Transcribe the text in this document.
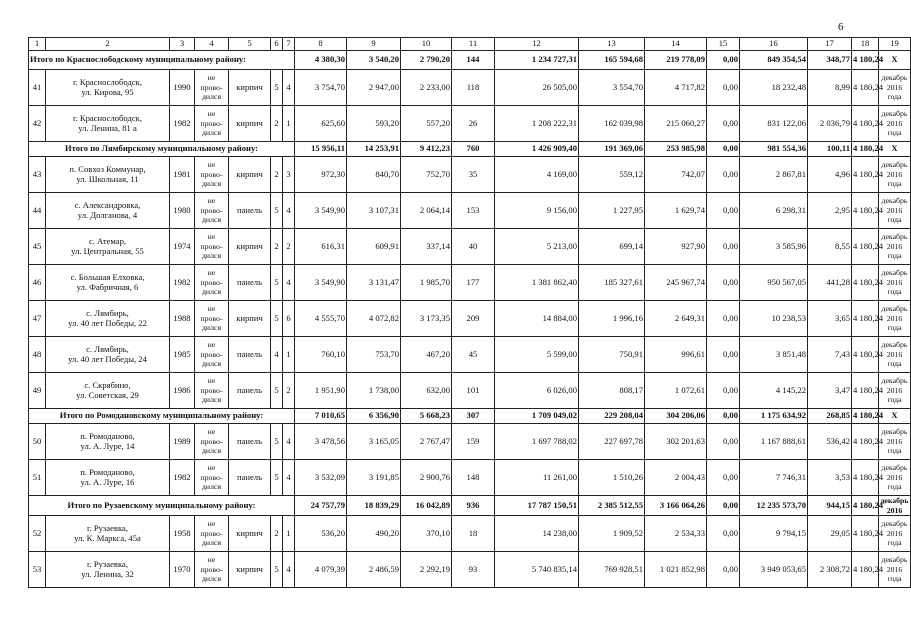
6
1	2	3	4	5	6	7	8	9	10	11	12	13	14	15	16	17	18	19
Итого по Краснослободскому муниципальному району:							4 380,30	3 540,20	2 790,20	144	1 234 727,31	165 594,68	219 778,09	0,00	849 354,54	348,77	4 180,24	X
41	г. Краснослободск,
ул. Кирова, 95	1990	не
прово-
дился	кирпич	5	4	3 754,70	2 947,00	2 233,00	118	26 505,00	3 554,70	4 717,82	0,00	18 232,48	8,99	4 180,24	декабрь
2016
года

42	г. Краснослободск,
ул. Ленина, 81 а	1982	не
прово-
дился	кирпич	2	1	625,60	593,20	557,20	26	1 208 222,31	162 039,98	215 060,27	0,00	831 122,06	2 036,79	4 180,24	декабрь
2016
года

Итого по Лямбирскому муниципальному району:							15 956,11	14 253,91	9 412,23	760	1 426 909,40	191 369,06	253 985,98	0,00	981 554,36	100,11	4 180,24	X
43	п. Совхоз Коммунар,
ул. Школьная, 11	1981	не
прово-
дился	кирпич	2	3	972,30	840,70	752,70	35	4 169,00	559,12	742,07	0,00	2 867,81	4,96	4 180,24	декабрь
2016
года

44	с. Александровка,
ул. Долганова, 4	1980	не
прово-
дился	панель	5	4	3 549,90	3 107,31	2 064,14	153	9 156,00	1 227,95	1 629,74	0,00	6 298,31	2,95	4 180,24	декабрь
2016
года

45	с. Атемар,
ул. Центральная, 55	1974	не
прово-
дился	кирпич	2	2	616,31	609,91	337,14	40	5 213,00	699,14	927,90	0,00	3 585,96	8,55	4 180,24	декабрь
2016
года

46	с. Большая Елховка,
ул. Фабричная, 6	1982	не
прово-
дился	панель	5	4	3 549,90	3 131,47	1 985,70	177	1 381 862,40	185 327,61	245 967,74	0,00	950 567,05	441,28	4 180,24	декабрь
2016
года

47	с. Лямбирь,
ул. 40 лет Победы, 22	1988	не
прово-
дился	кирпич	5	6	4 555,70	4 072,82	3 173,35	209	14 884,00	1 996,16	2 649,31	0,00	10 238,53	3,65	4 180,24	декабрь
2016
года

48	с. Лямбирь,
ул. 40 лет Победы, 24	1985	не
прово-
дился	панель	4	1	760,10	753,70	467,20	45	5 599,00	750,91	996,61	0,00	3 851,48	7,43	4 180,24	декабрь
2016
года

49	с. Скрябино,
ул. Советская, 29	1986	не
прово-
дился	панель	5	2	1 951,90	1 738,00	632,00	101	6 026,00	808,17	1 072,61	0,00	4 145,22	3,47	4 180,24	декабрь
2016
года

Итого по Ромодановскому муниципальному району:							7 010,65	6 356,90	5 668,23	307	1 709 049,02	229 208,04	304 206,06	0,00	1 175 634,92	268,85	4 180,24	X
50	п. Ромоданово,
ул. А. Луре, 14	1989	не
прово-
дился	панель	5	4	3 478,56	3 165,05	2 767,47	159	1 697 788,02	227 697,78	302 201,63	0,00	1 167 888,61	536,42	4 180,24	декабрь
2016
года

51	п. Ромоданово,
ул. А. Луре, 16	1982	не
прово-
дился	панель	5	4	3 532,09	3 191,85	2 900,76	148	11 261,00	1 510,26	2 004,43	0,00	7 746,31	3,53	4 180,24	декабрь
2016
года

Итого по Рузаевскому муниципальному району:							24 757,79	18 839,29	16 042,89	936	17 787 150,51	2 385 512,55	3 166 064,26	0,00	12 235 573,70	944,15	4 180,24	декабрь 2016
52	г. Рузаевка,
ул. К. Маркса, 45а	1958	не
прово-
дился	кирпич	2	1	536,20	490,20	370,10	18	14 238,00	1 909,52	2 534,33	0,00	9 794,15	29,05	4 180,24	декабрь
2016
года

53	г. Рузаевка,
ул. Ленина, 32	1970	не
прово-
дился	кирпич	5	4	4 079,39	2 486,59	2 292,19	93	5 740 835,14	769 928,51	1 021 852,98	0,00	3 949 053,65	2 308,72	4 180,24	декабрь
2016
года
